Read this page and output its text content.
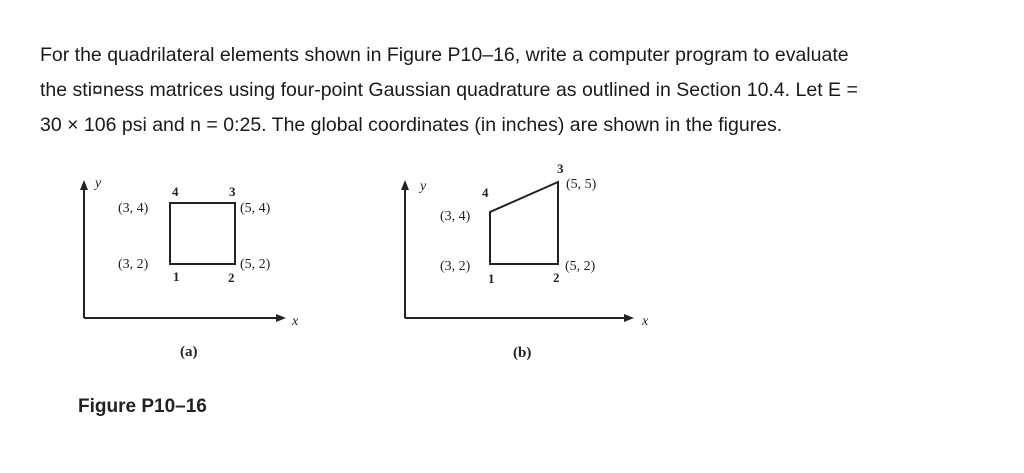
For the quadrilateral elements shown in Figure P10–16, write a computer program to evaluate
the sti¤ness matrices using four-point Gaussian quadrature as outlined in Section 10.4. Let E =
30 × 106 psi and n = 0:25. The global coordinates (in inches) are shown in the figures.
y
x
1	2
3
4
(3, 2)	(5, 2)
(5, 4)
(3, 4)
(a)
y
x
1	2
3
4
(3, 2)	(5, 2)
(5, 5)
(3, 4)
(b)

Figure P10–16
